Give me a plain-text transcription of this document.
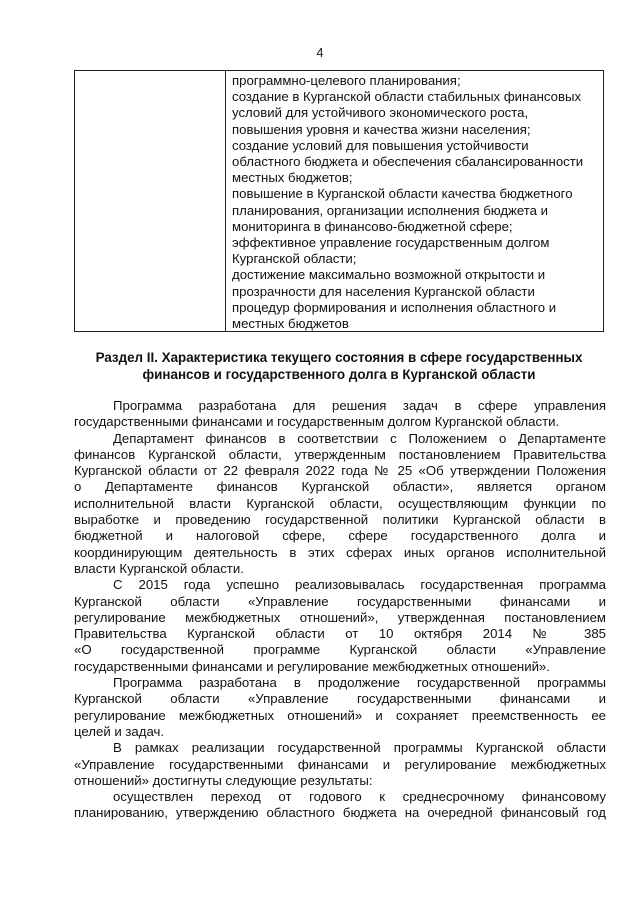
4
программно-целевого планирования;
создание в Курганской области стабильных финансовых
условий для устойчивого экономического роста,
повышения уровня и качества жизни населения;
создание условий для повышения устойчивости
областного бюджета и обеспечения сбалансированности
местных бюджетов;
повышение в Курганской области качества бюджетного
планирования, организации исполнения бюджета и
мониторинга в финансово-бюджетной сфере;
эффективное управление государственным долгом
Курганской области;
достижение максимально возможной открытости и
прозрачности для населения Курганской области
процедур формирования и исполнения областного и
местных бюджетов
Раздел II. Характеристика текущего состояния в сфере государственных
финансов и государственного долга в Курганской области
Программа разработана для решения задач в сфере управления
государственными финансами и государственным долгом Курганской области.
Департамент финансов в соответствии с Положением о Департаменте
финансов Курганской области, утвержденным постановлением Правительства
Курганской области от 22 февраля 2022 года № 25 «Об утверждении Положения
о Департаменте финансов Курганской области», является органом
исполнительной власти Курганской области, осуществляющим функции по
выработке и проведению государственной политики Курганской области в
бюджетной и налоговой сфере, сфере государственного долга и
координирующим деятельность в этих сферах иных органов исполнительной
власти Курганской области.
С 2015 года успешно реализовывалась государственная программа
Курганской области «Управление государственными финансами и
регулирование межбюджетных отношений», утвержденная постановлением
Правительства Курганской области от 10 октября 2014 № 385
«О государственной программе Курганской области «Управление
государственными финансами и регулирование межбюджетных отношений».
Программа разработана в продолжение государственной программы
Курганской области «Управление государственными финансами и
регулирование межбюджетных отношений» и сохраняет преемственность ее
целей и задач.
В рамках реализации государственной программы Курганской области
«Управление государственными финансами и регулирование межбюджетных
отношений» достигнуты следующие результаты:
осуществлен переход от годового к среднесрочному финансовому
планированию, утверждению областного бюджета на очередной финансовый год
